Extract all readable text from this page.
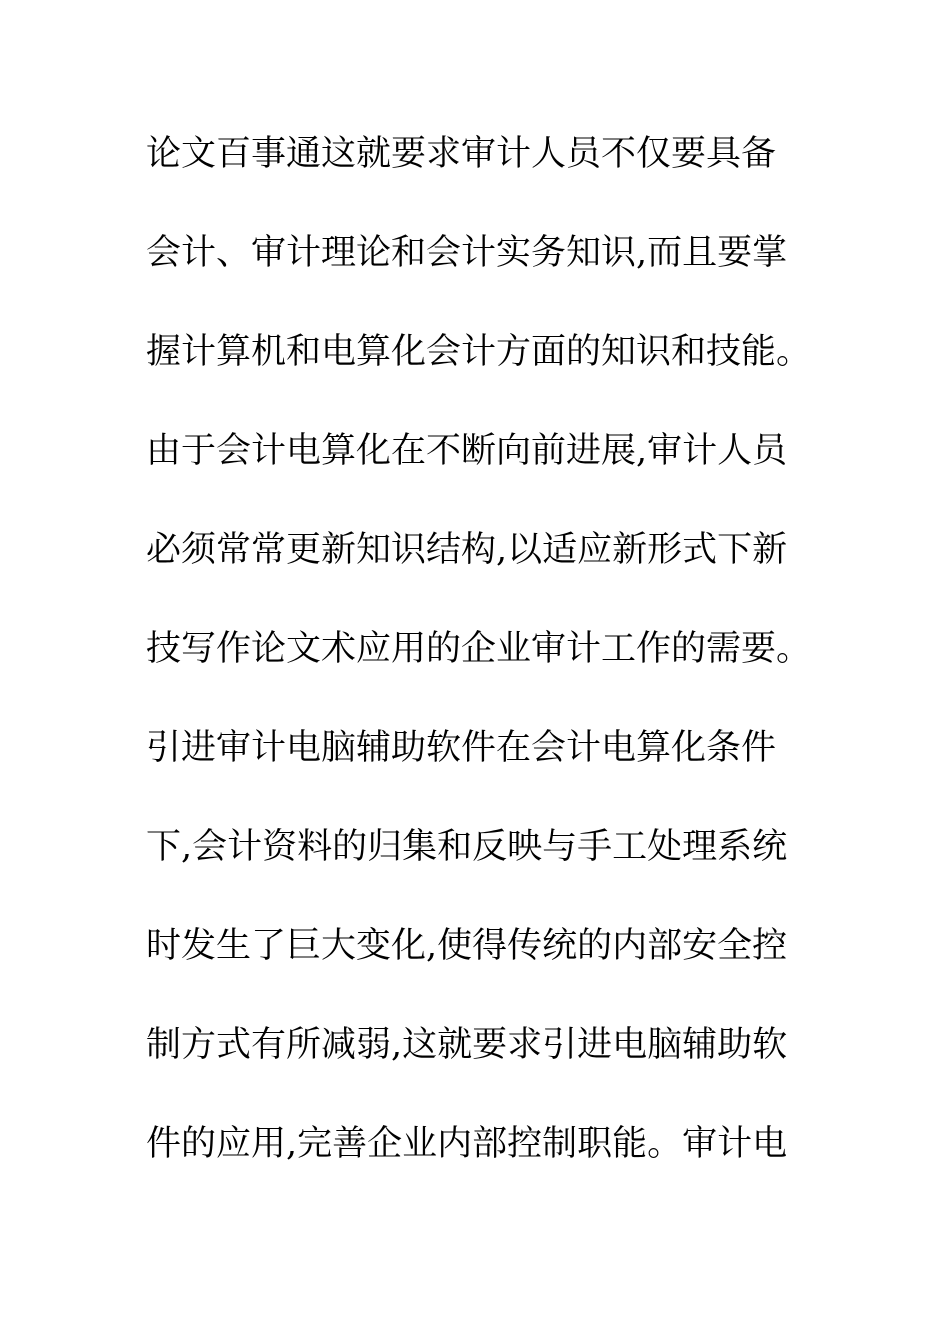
论文百事通这就要求审计人员不仅要具备
会计、审计理论和会计实务知识,而且要掌
握计算机和电算化会计方面的知识和技能。
由于会计电算化在不断向前进展,审计人员
必须常常更新知识结构,以适应新形式下新
技写作论文术应用的企业审计工作的需要。
引进审计电脑辅助软件在会计电算化条件
下,会计资料的归集和反映与手工处理系统
时发生了巨大变化,使得传统的内部安全控
制方式有所减弱,这就要求引进电脑辅助软
件的应用,完善企业内部控制职能。审计电
